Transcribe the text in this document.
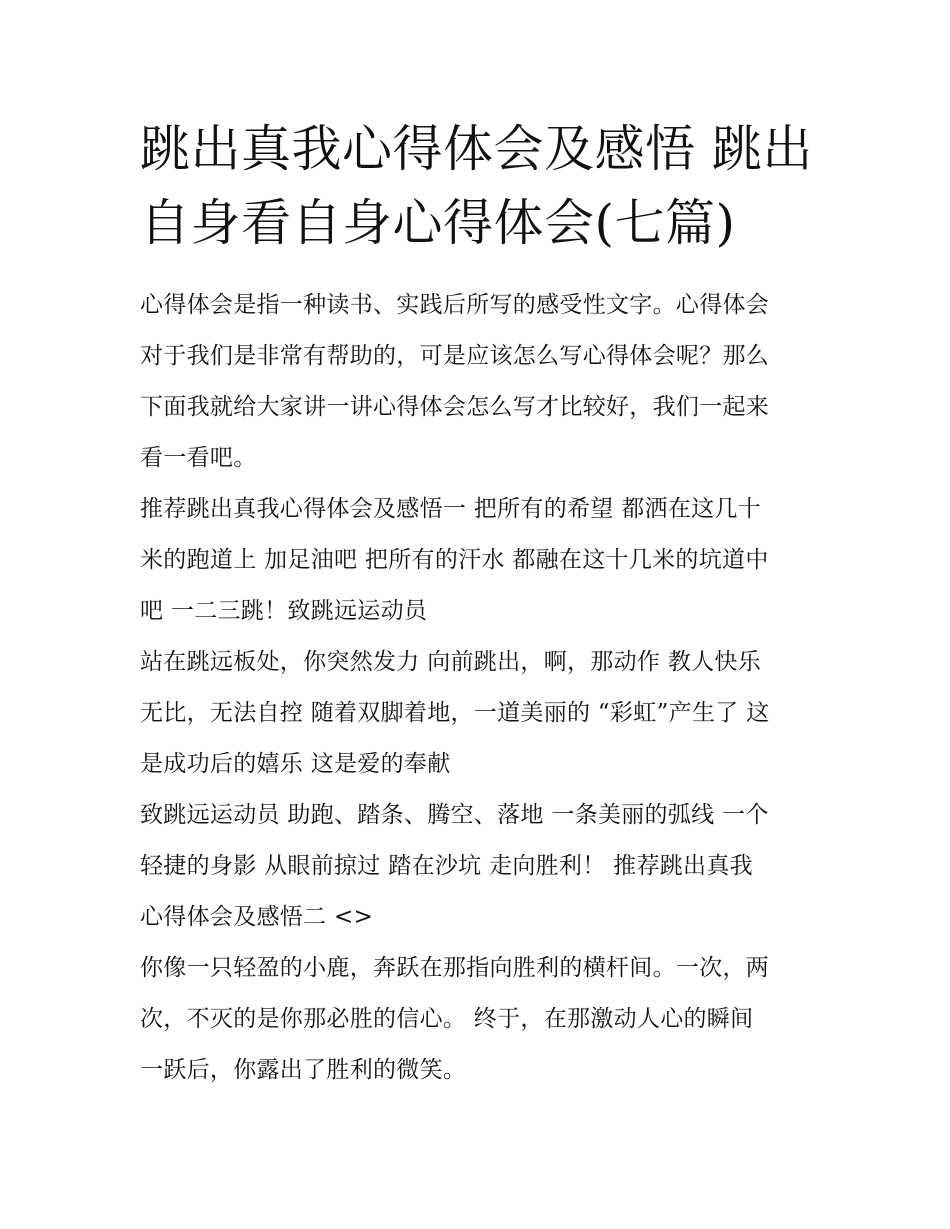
跳出真我心得体会及感悟 跳出
自身看自身心得体会(七篇)
心得体会是指一种读书、实践后所写的感受性文字。心得体会
对于我们是非常有帮助的，可是应该怎么写心得体会呢？那么
下面我就给大家讲一讲心得体会怎么写才比较好，我们一起来
看一看吧。
推荐跳出真我心得体会及感悟一 把所有的希望 都洒在这几十
米的跑道上 加足油吧 把所有的汗水 都融在这十几米的坑道中
吧 一二三跳！致跳远运动员
站在跳远板处，你突然发力 向前跳出，啊，那动作 教人快乐
无比，无法自控 随着双脚着地，一道美丽的 “彩虹”产生了 这
是成功后的嬉乐 这是爱的奉献
致跳远运动员 助跑、踏条、腾空、落地 一条美丽的弧线 一个
轻捷的身影 从眼前掠过 踏在沙坑 走向胜利！ 推荐跳出真我
心得体会及感悟二 <>
你像一只轻盈的小鹿，奔跃在那指向胜利的横杆间。一次，两
次，不灭的是你那必胜的信心。 终于，在那激动人心的瞬间
一跃后，你露出了胜利的微笑。
